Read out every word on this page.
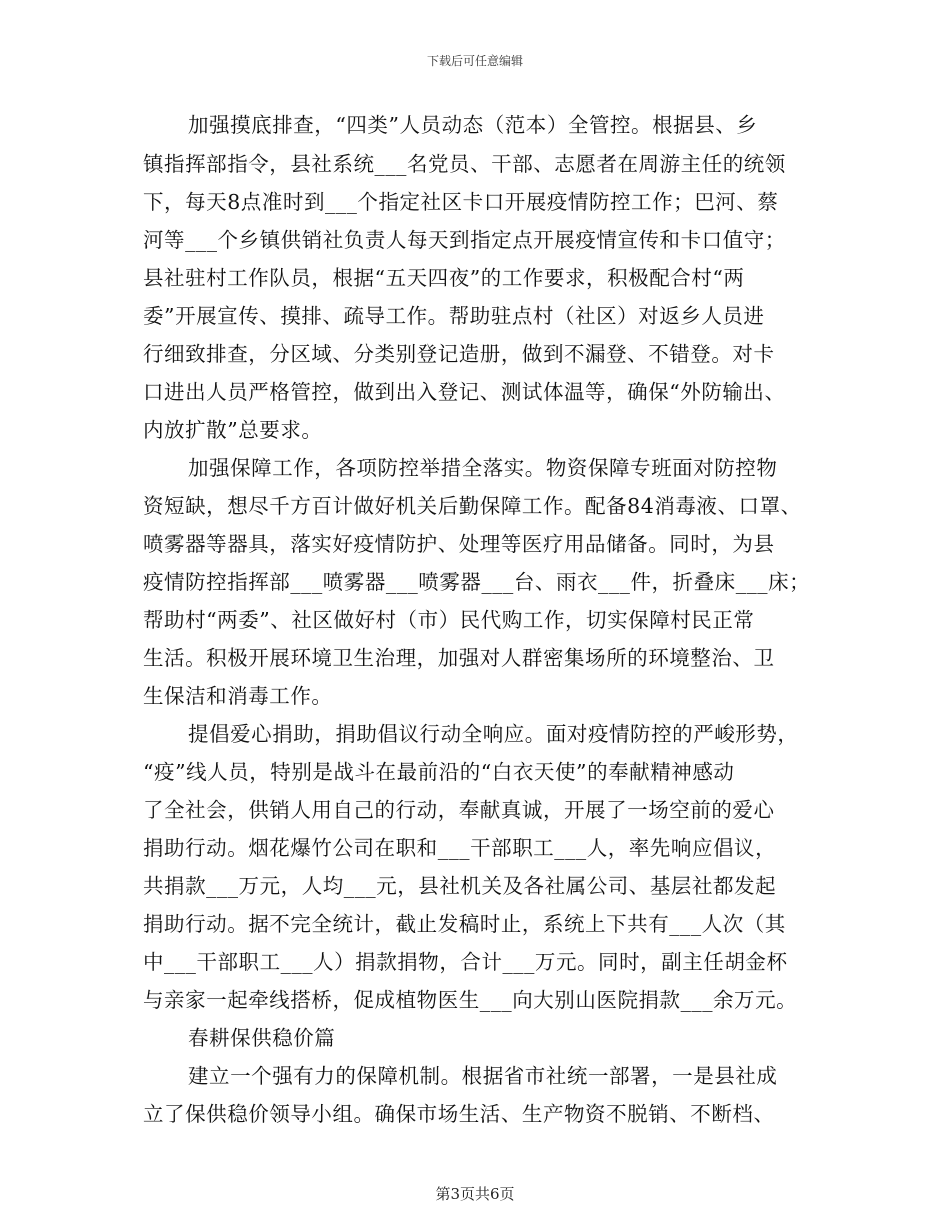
下载后可任意编辑
加强摸底排查，“四类”人员动态（范本）全管控。根据县、乡
镇指挥部指令，县社系统___名党员、干部、志愿者在周游主任的统领
下，每天8点准时到___个指定社区卡口开展疫情防控工作；巴河、蔡
河等___个乡镇供销社负责人每天到指定点开展疫情宣传和卡口值守；
县社驻村工作队员，根据“五天四夜”的工作要求，积极配合村“两
委”开展宣传、摸排、疏导工作。帮助驻点村（社区）对返乡人员进
行细致排查，分区域、分类别登记造册，做到不漏登、不错登。对卡
口进出人员严格管控，做到出入登记、测试体温等，确保“外防输出、
内放扩散”总要求。
加强保障工作，各项防控举措全落实。物资保障专班面对防控物
资短缺，想尽千方百计做好机关后勤保障工作。配备84消毒液、口罩、
喷雾器等器具，落实好疫情防护、处理等医疗用品储备。同时，为县
疫情防控指挥部___喷雾器___喷雾器___台、雨衣___件，折叠床___床；
帮助村“两委”、社区做好村（市）民代购工作，切实保障村民正常
生活。积极开展环境卫生治理，加强对人群密集场所的环境整治、卫
生保洁和消毒工作。
提倡爱心捐助，捐助倡议行动全响应。面对疫情防控的严峻形势，
“疫”线人员，特别是战斗在最前沿的“白衣天使”的奉献精神感动
了全社会，供销人用自己的行动，奉献真诚，开展了一场空前的爱心
捐助行动。烟花爆竹公司在职和___干部职工___人，率先响应倡议，
共捐款___万元，人均___元，县社机关及各社属公司、基层社都发起
捐助行动。据不完全统计，截止发稿时止，系统上下共有___人次（其
中___干部职工___人）捐款捐物，合计___万元。同时，副主任胡金杯
与亲家一起牵线搭桥，促成植物医生___向大别山医院捐款___余万元。
春耕保供稳价篇
建立一个强有力的保障机制。根据省市社统一部署，一是县社成
立了保供稳价领导小组。确保市场生活、生产物资不脱销、不断档、
第3页共6页
